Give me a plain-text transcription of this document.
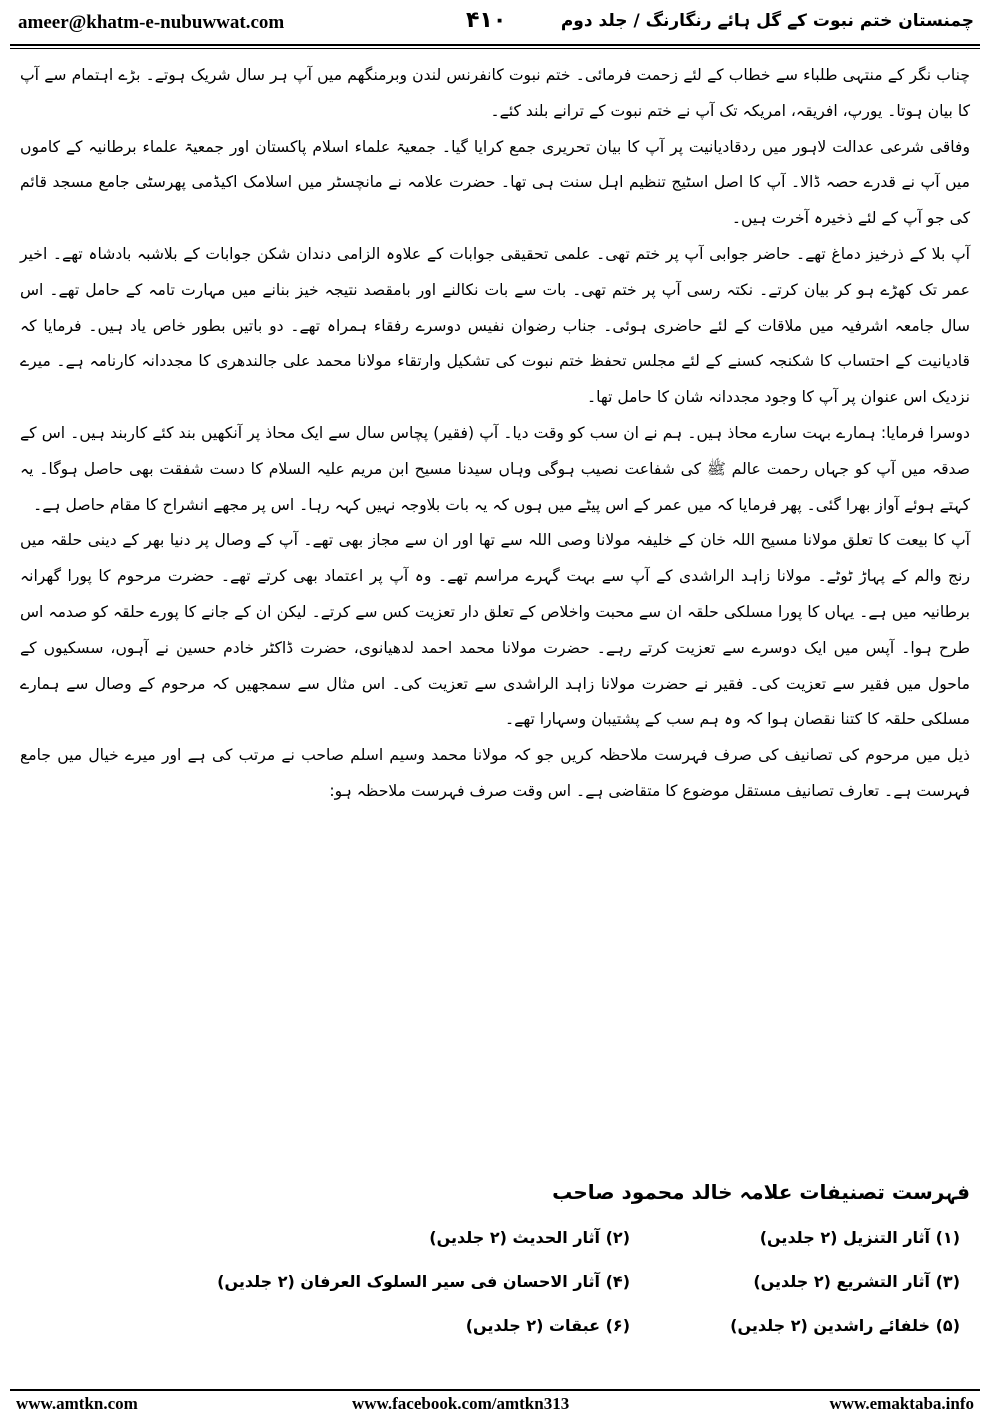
ameer@khatm-e-nubuwwat.com	۴۱۰	چمنستان ختم نبوت کے گل ہائے رنگارنگ / جلد دوم

چناب نگر کے منتہی طلباء سے خطاب کے لئے زحمت فرمائی۔ ختم نبوت کانفرنس لندن وبرمنگھم میں آپ ہر سال شریک ہوتے۔ بڑے اہتمام سے آپ کا بیان ہوتا۔ یورپ، افریقہ، امریکہ تک آپ نے ختم نبوت کے ترانے بلند کئے۔

وفاقی شرعی عدالت لاہور میں ردقادیانیت پر آپ کا بیان تحریری جمع کرایا گیا۔ جمعیۃ علماء اسلام پاکستان اور جمعیۃ علماء برطانیہ کے کاموں میں آپ نے قدرے حصہ ڈالا۔ آپ کا اصل اسٹیج تنظیم اہل سنت ہی تھا۔ حضرت علامہ نے مانچسٹر میں اسلامک اکیڈمی پھرسٹی جامع مسجد قائم کی جو آپ کے لئے ذخیرہ آخرت ہیں۔

آپ بلا کے ذرخیز دماغ تھے۔ حاضر جوابی آپ پر ختم تھی۔ علمی تحقیقی جوابات کے علاوہ الزامی دندان شکن جوابات کے بلاشبہ بادشاہ تھے۔ اخیر عمر تک کھڑے ہو کر بیان کرتے۔ نکتہ رسی آپ پر ختم تھی۔ بات سے بات نکالنے اور بامقصد نتیجہ خیز بنانے میں مہارت تامہ کے حامل تھے۔ اس سال جامعہ اشرفیہ میں ملاقات کے لئے حاضری ہوئی۔ جناب رضوان نفیس دوسرے رفقاء ہمراہ تھے۔ دو باتیں بطور خاص یاد ہیں۔ فرمایا کہ قادیانیت کے احتساب کا شکنجہ کسنے کے لئے مجلس تحفظ ختم نبوت کی تشکیل وارتقاء مولانا محمد علی جالندھری کا مجددانہ کارنامہ ہے۔ میرے نزدیک اس عنوان پر آپ کا وجود مجددانہ شان کا حامل تھا۔

دوسرا فرمایا: ہمارے بہت سارے محاذ ہیں۔ ہم نے ان سب کو وقت دیا۔ آپ (فقیر) پچاس سال سے ایک محاذ پر آنکھیں بند کئے کاربند ہیں۔ اس کے صدقہ میں آپ کو جہاں رحمت عالم ﷺ کی شفاعت نصیب ہوگی وہاں سیدنا مسیح ابن مریم علیہ السلام کا دست شفقت بھی حاصل ہوگا۔ یہ کہتے ہوئے آواز بھرا گئی۔ پھر فرمایا کہ میں عمر کے اس پیٹے میں ہوں کہ یہ بات بلاوجہ نہیں کہہ رہا۔ اس پر مجھے انشراح کا مقام حاصل ہے۔

آپ کا بیعت کا تعلق مولانا مسیح اللہ خان کے خلیفہ مولانا وصی اللہ سے تھا اور ان سے مجاز بھی تھے۔ آپ کے وصال پر دنیا بھر کے دینی حلقہ میں رنج والم کے پہاڑ ٹوٹے۔ مولانا زاہد الراشدی کے آپ سے بہت گہرے مراسم تھے۔ وہ آپ پر اعتماد بھی کرتے تھے۔ حضرت مرحوم کا پورا گھرانہ برطانیہ میں ہے۔ یہاں کا پورا مسلکی حلقہ ان سے محبت واخلاص کے تعلق دار تعزیت کس سے کرتے۔ لیکن ان کے جانے کا پورے حلقہ کو صدمہ اس طرح ہوا۔ آپس میں ایک دوسرے سے تعزیت کرتے رہے۔ حضرت مولانا محمد احمد لدھیانوی، حضرت ڈاکٹر خادم حسین نے آہوں، سسکیوں کے ماحول میں فقیر سے تعزیت کی۔ فقیر نے حضرت مولانا زاہد الراشدی سے تعزیت کی۔ اس مثال سے سمجھیں کہ مرحوم کے وصال سے ہمارے مسلکی حلقہ کا کتنا نقصان ہوا کہ وہ ہم سب کے پشتیبان وسہارا تھے۔

ذیل میں مرحوم کی تصانیف کی صرف فہرست ملاحظہ کریں جو کہ مولانا محمد وسیم اسلم صاحب نے مرتب کی ہے اور میرے خیال میں جامع فہرست ہے۔ تعارف تصانیف مستقل موضوع کا متقاضی ہے۔ اس وقت صرف فہرست ملاحظہ ہو:

فہرست تصنیفات علامہ خالد محمود صاحب
(۱) آثار التنزیل (۲ جلدیں)
(۲) آثار الحدیث (۲ جلدیں)
(۳) آثار التشریع (۲ جلدیں)
(۴) آثار الاحسان فی سیر السلوک العرفان (۲ جلدیں)
(۵) خلفائے راشدین (۲ جلدیں)
(۶) عبقات (۲ جلدیں)
www.amtkn.com	www.facebook.com/amtkn313	www.emaktaba.info
